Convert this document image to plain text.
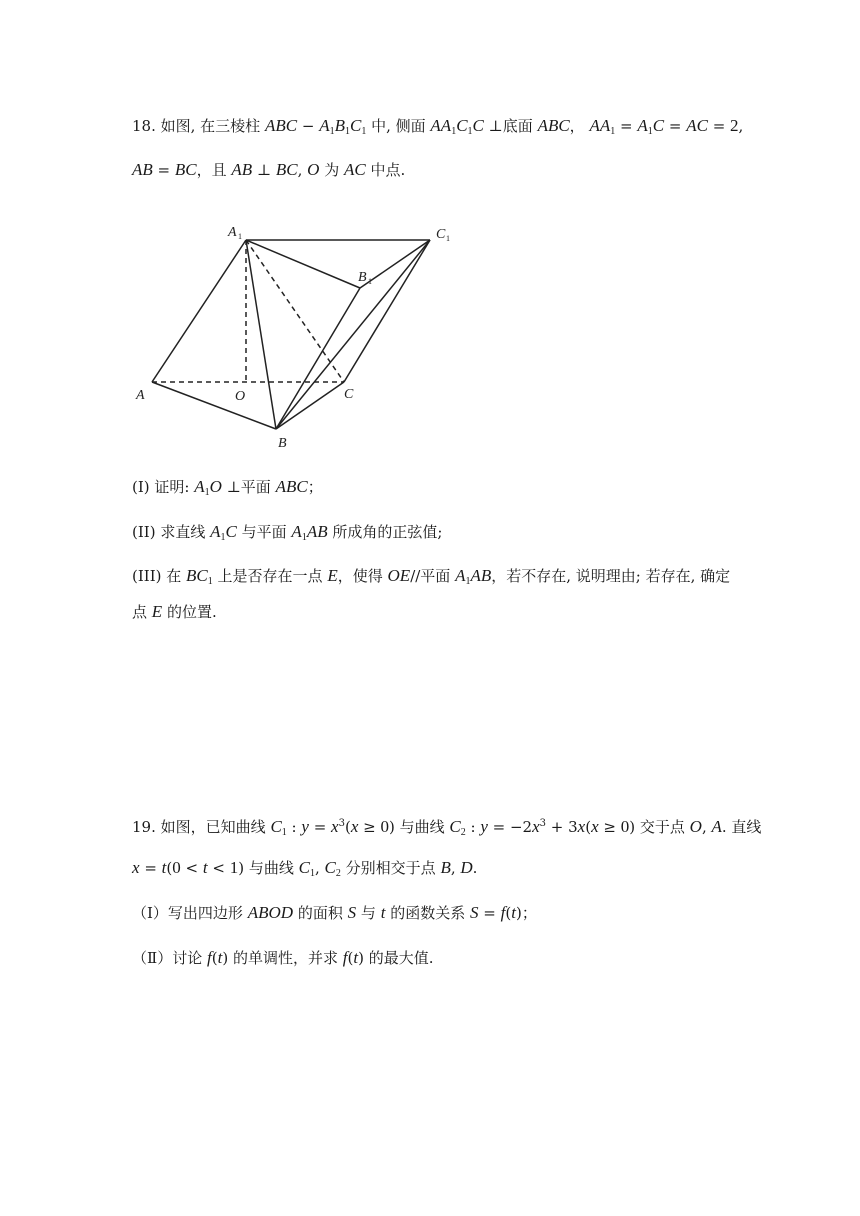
18. 如图, 在三棱柱 ABC − $A_1B_1C_1$ 中, 侧面 $AA_1C_1C$ ⊥底面 ABC， $AA_1 = A_1C$ = AC = 2,
AB = BC，且 AB ⊥ BC, O 为 AC 中点.
A 1	C 1
B 1
A	O	C
B
(I) 证明: $A_1O$ ⊥平面 ABC；
(II) 求直线 $A_1C$ 与平面 $A_1AB$ 所成角的正弦值;
(III) 在 $BC_1$ 上是否存在一点 E，使得 OE//平面 $A_1AB$，若不存在, 说明理由; 若存在, 确定
点 E 的位置.
19. 如图，已知曲线 $C_1$ : $y = x^3(x \ge 0)$ 与曲线 $C_2$ : $y = -2x^3 + 3x(x \ge 0)$ 交于点 O, A. 直线
x = t(0 < t < 1) 与曲线 $C_1$, $C_2$ 分别相交于点 B, D.
（Ⅰ）写出四边形 ABOD 的面积 S 与 t 的函数关系 S = f(t)；
（Ⅱ）讨论 f(t) 的单调性，并求 f(t) 的最大值.
